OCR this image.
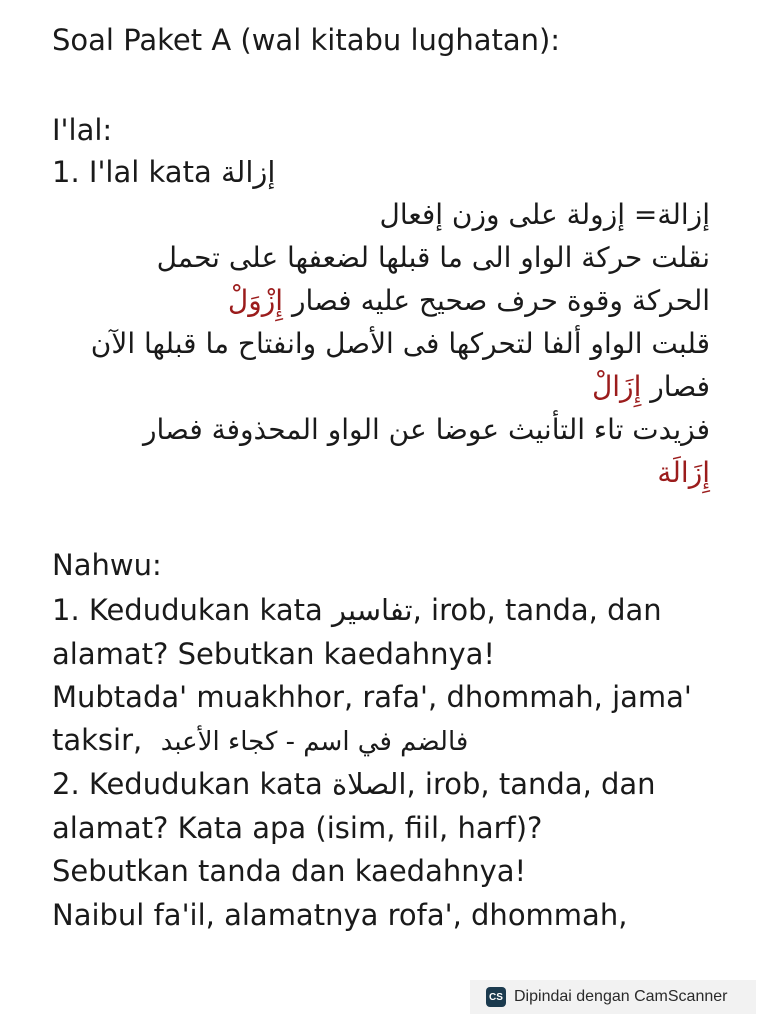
Soal Paket A (wal kitabu lughatan):
I'lal:
1. I'lal kata إزالة
إزالة= إزولة على وزن إفعال
نقلت حركة الواو الى ما قبلها لضعفها على تحمل
الحركة وقوة حرف صحيح عليه فصار إِزْوَلْ
قلبت الواو ألفا لتحركها فى الأصل وانفتاح ما قبلها الآن
فصار إِزَالْ
فزيدت تاء التأنيث عوضا عن الواو المحذوفة فصار
إِزَالَة
Nahwu:
1. Kedudukan kata تفاسير, irob, tanda, dan
alamat? Sebutkan kaedahnya!
Mubtada' muakhhor, rafa', dhommah, jama'
taksir, فالضم في اسم - كجاء الأعبد
2. Kedudukan kata الصلاة, irob, tanda, dan
alamat? Kata apa (isim, fiil, harf)?
Sebutkan tanda dan kaedahnya!
Naibul fa'il, alamatnya rofa', dhommah,
CS Dipindai dengan CamScanner
